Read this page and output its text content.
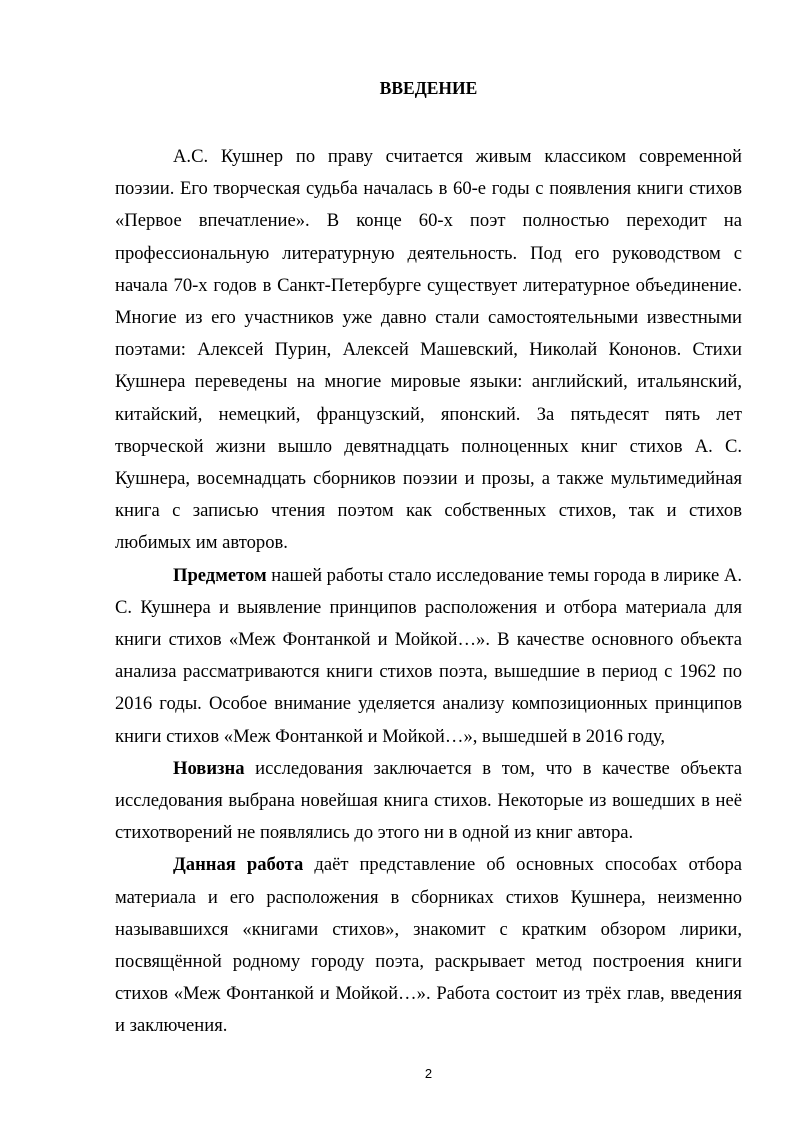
ВВЕДЕНИЕ

А.С. Кушнер по праву считается живым классиком современной поэзии. Его творческая судьба началась в 60-е годы с появления книги стихов «Первое впечатление». В конце 60-х поэт полностью переходит на профессиональную литературную деятельность. Под его руководством с начала 70-х годов в Санкт-Петербурге существует литературное объединение. Многие из его участников уже давно стали самостоятельными известными поэтами: Алексей Пурин, Алексей Машевский, Николай Кононов. Стихи Кушнера переведены на многие мировые языки: английский, итальянский, китайский, немецкий, французский, японский. За пятьдесят пять лет творческой жизни вышло девятнадцать полноценных книг стихов А. С. Кушнера, восемнадцать сборников поэзии и прозы, а также мультимедийная книга с записью чтения поэтом как собственных стихов, так и стихов любимых им авторов.

Предметом нашей работы стало исследование темы города в лирике А. С. Кушнера и выявление принципов расположения и отбора материала для книги стихов «Меж Фонтанкой и Мойкой…». В качестве основного объекта анализа рассматриваются книги стихов поэта, вышедшие в период с 1962 по 2016 годы. Особое внимание уделяется анализу композиционных принципов книги стихов «Меж Фонтанкой и Мойкой…», вышедшей в 2016 году,

Новизна исследования заключается в том, что в качестве объекта исследования выбрана новейшая книга стихов. Некоторые из вошедших в неё стихотворений не появлялись до этого ни в одной из книг автора.

Данная работа даёт представление об основных способах отбора материала и его расположения в сборниках стихов Кушнера, неизменно называвшихся «книгами стихов», знакомит с кратким обзором лирики, посвящённой родному городу поэта, раскрывает метод построения книги стихов «Меж Фонтанкой и Мойкой…». Работа состоит из трёх глав, введения и заключения.

2
